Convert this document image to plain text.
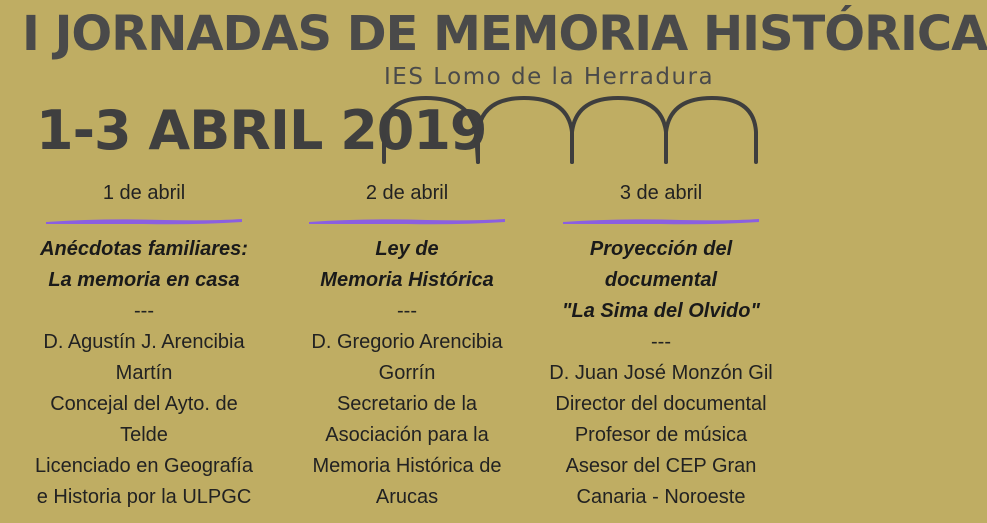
I JORNADAS DE MEMORIA HISTÓRICA
IES Lomo de la Herradura
1-3 ABRIL 2019
1 de abril
Anécdotas familiares:
La memoria en casa
---
D. Agustín J. Arencibia
Martín
Concejal del Ayto. de
Telde
Licenciado en Geografía
e Historia por la ULPGC
2 de abril
Ley de
Memoria Histórica
---
D. Gregorio Arencibia
Gorrín
Secretario de la
Asociación para la
Memoria Histórica de
Arucas
3 de abril
Proyección del
documental
"La Sima del Olvido"
---
D. Juan José Monzón Gil
Director del documental
Profesor de música
Asesor del CEP Gran
Canaria - Noroeste
